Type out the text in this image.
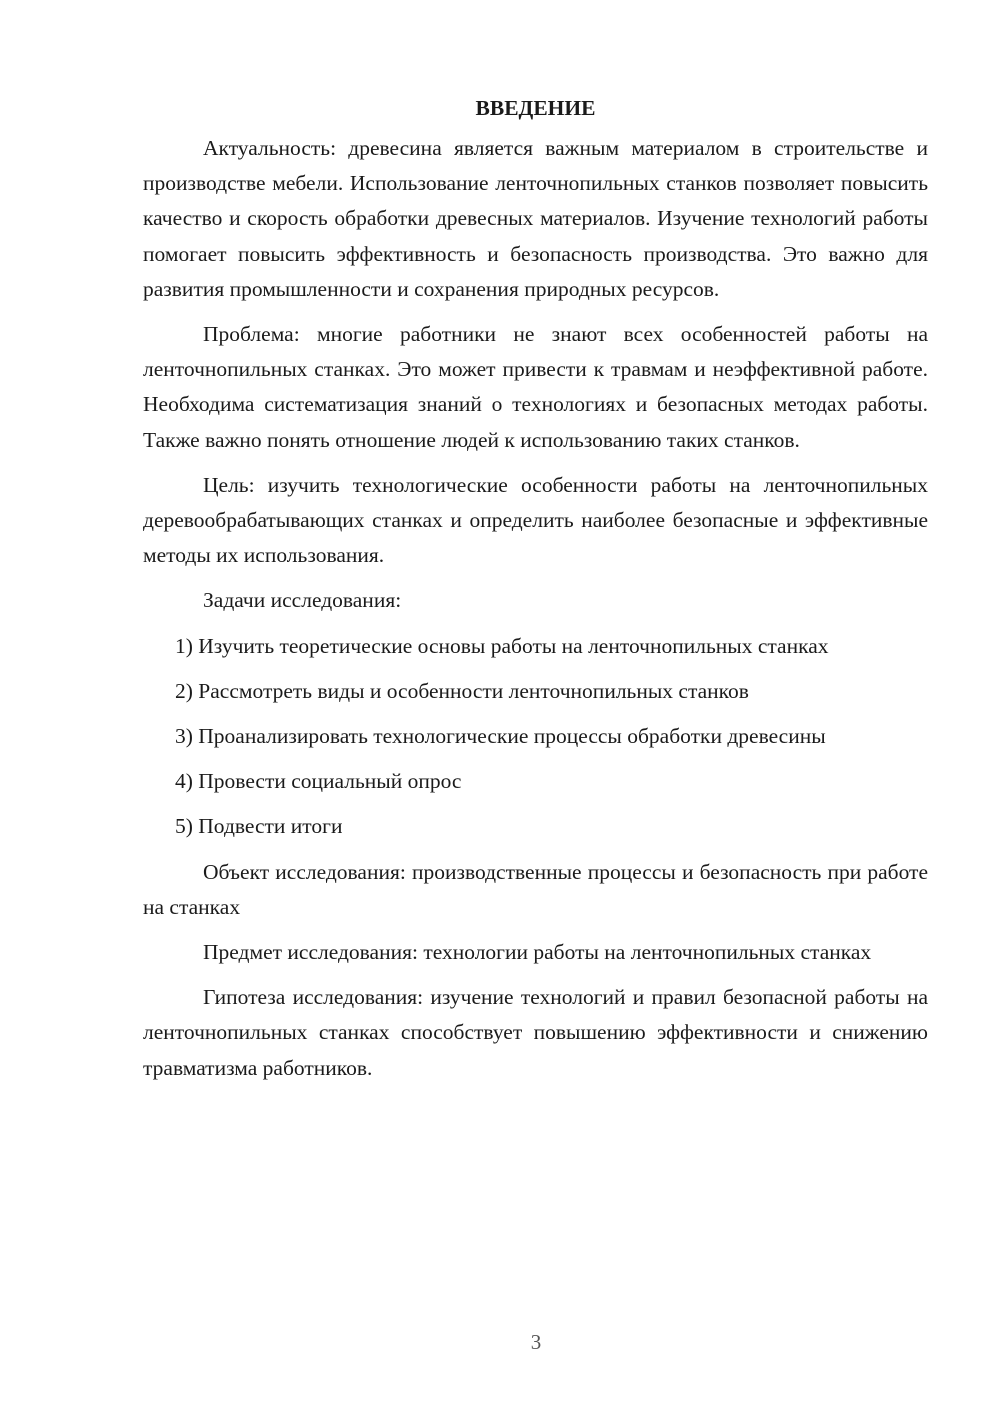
ВВЕДЕНИЕ

Актуальность: древесина является важным материалом в строительстве и производстве мебели. Использование ленточнопильных станков позволяет повысить качество и скорость обработки древесных материалов. Изучение технологий работы помогает повысить эффективность и безопасность производства. Это важно для развития промышленности и сохранения природных ресурсов.

Проблема: многие работники не знают всех особенностей работы на ленточнопильных станках. Это может привести к травмам и неэффективной работе. Необходима систематизация знаний о технологиях и безопасных методах работы. Также важно понять отношение людей к использованию таких станков.

Цель: изучить технологические особенности работы на ленточнопильных деревообрабатывающих станках и определить наиболее безопасные и эффективные методы их использования.

Задачи исследования:

1) Изучить теоретические основы работы на ленточнопильных станках

2) Рассмотреть виды и особенности ленточнопильных станков

3) Проанализировать технологические процессы обработки древесины

4) Провести социальный опрос

5) Подвести итоги

Объект исследования: производственные процессы и безопасность при работе на станках

Предмет исследования: технологии работы на ленточнопильных станках

Гипотеза исследования: изучение технологий и правил безопасной работы на ленточнопильных станках способствует повышению эффективности и снижению травматизма работников.

3
